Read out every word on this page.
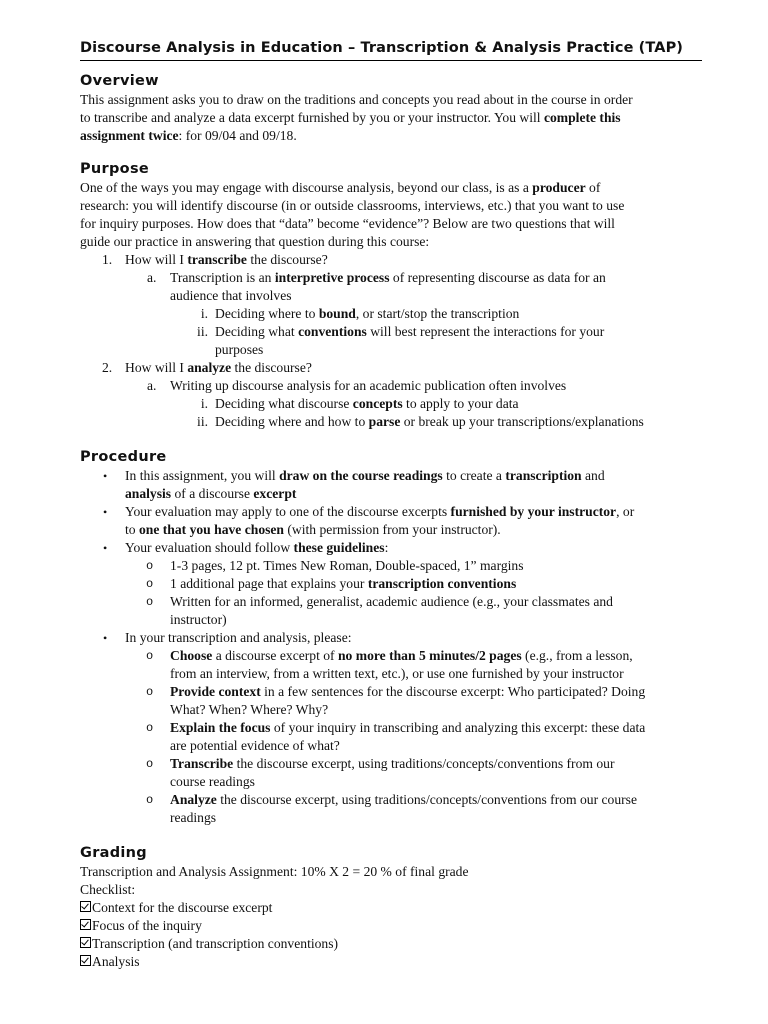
Discourse Analysis in Education – Transcription & Analysis Practice (TAP)
Overview

This assignment asks you to draw on the traditions and concepts you read about in the course in order

to transcribe and analyze a data excerpt furnished by you or your instructor. You will complete this

assignment twice: for 09/04 and 09/18.

Purpose

One of the ways you may engage with discourse analysis, beyond our class, is as a producer of

research: you will identify discourse (in or outside classrooms, interviews, etc.) that you want to use

for inquiry purposes. How does that “data” become “evidence”? Below are two questions that will

guide our practice in answering that question during this course:

1. How will I transcribe the discourse?
a. Transcription is an interpretive process of representing discourse as data for an
audience that involves
i. Deciding where to bound, or start/stop the transcription
ii. Deciding what conventions will best represent the interactions for your
purposes
2. How will I analyze the discourse?
a. Writing up discourse analysis for an academic publication often involves
i. Deciding what discourse concepts to apply to your data
ii. Deciding where and how to parse or break up your transcriptions/explanations
Procedure
• In this assignment, you will draw on the course readings to create a transcription and
analysis of a discourse excerpt
• Your evaluation may apply to one of the discourse excerpts furnished by your instructor, or
to one that you have chosen (with permission from your instructor).
• Your evaluation should follow these guidelines:
o 1-3 pages, 12 pt. Times New Roman, Double-spaced, 1” margins
o 1 additional page that explains your transcription conventions
o Written for an informed, generalist, academic audience (e.g., your classmates and
instructor)
• In your transcription and analysis, please:
o Choose a discourse excerpt of no more than 5 minutes/2 pages (e.g., from a lesson,
from an interview, from a written text, etc.), or use one furnished by your instructor
o Provide context in a few sentences for the discourse excerpt: Who participated? Doing
What? When? Where? Why?
o Explain the focus of your inquiry in transcribing and analyzing this excerpt: these data
are potential evidence of what?
o Transcribe the discourse excerpt, using traditions/concepts/conventions from our
course readings
o Analyze the discourse excerpt, using traditions/concepts/conventions from our course
readings
Grading

Transcription and Analysis Assignment: 10% X 2 = 20 % of final grade

Checklist:

Context for the discourse excerpt

Focus of the inquiry

Transcription (and transcription conventions)

Analysis
